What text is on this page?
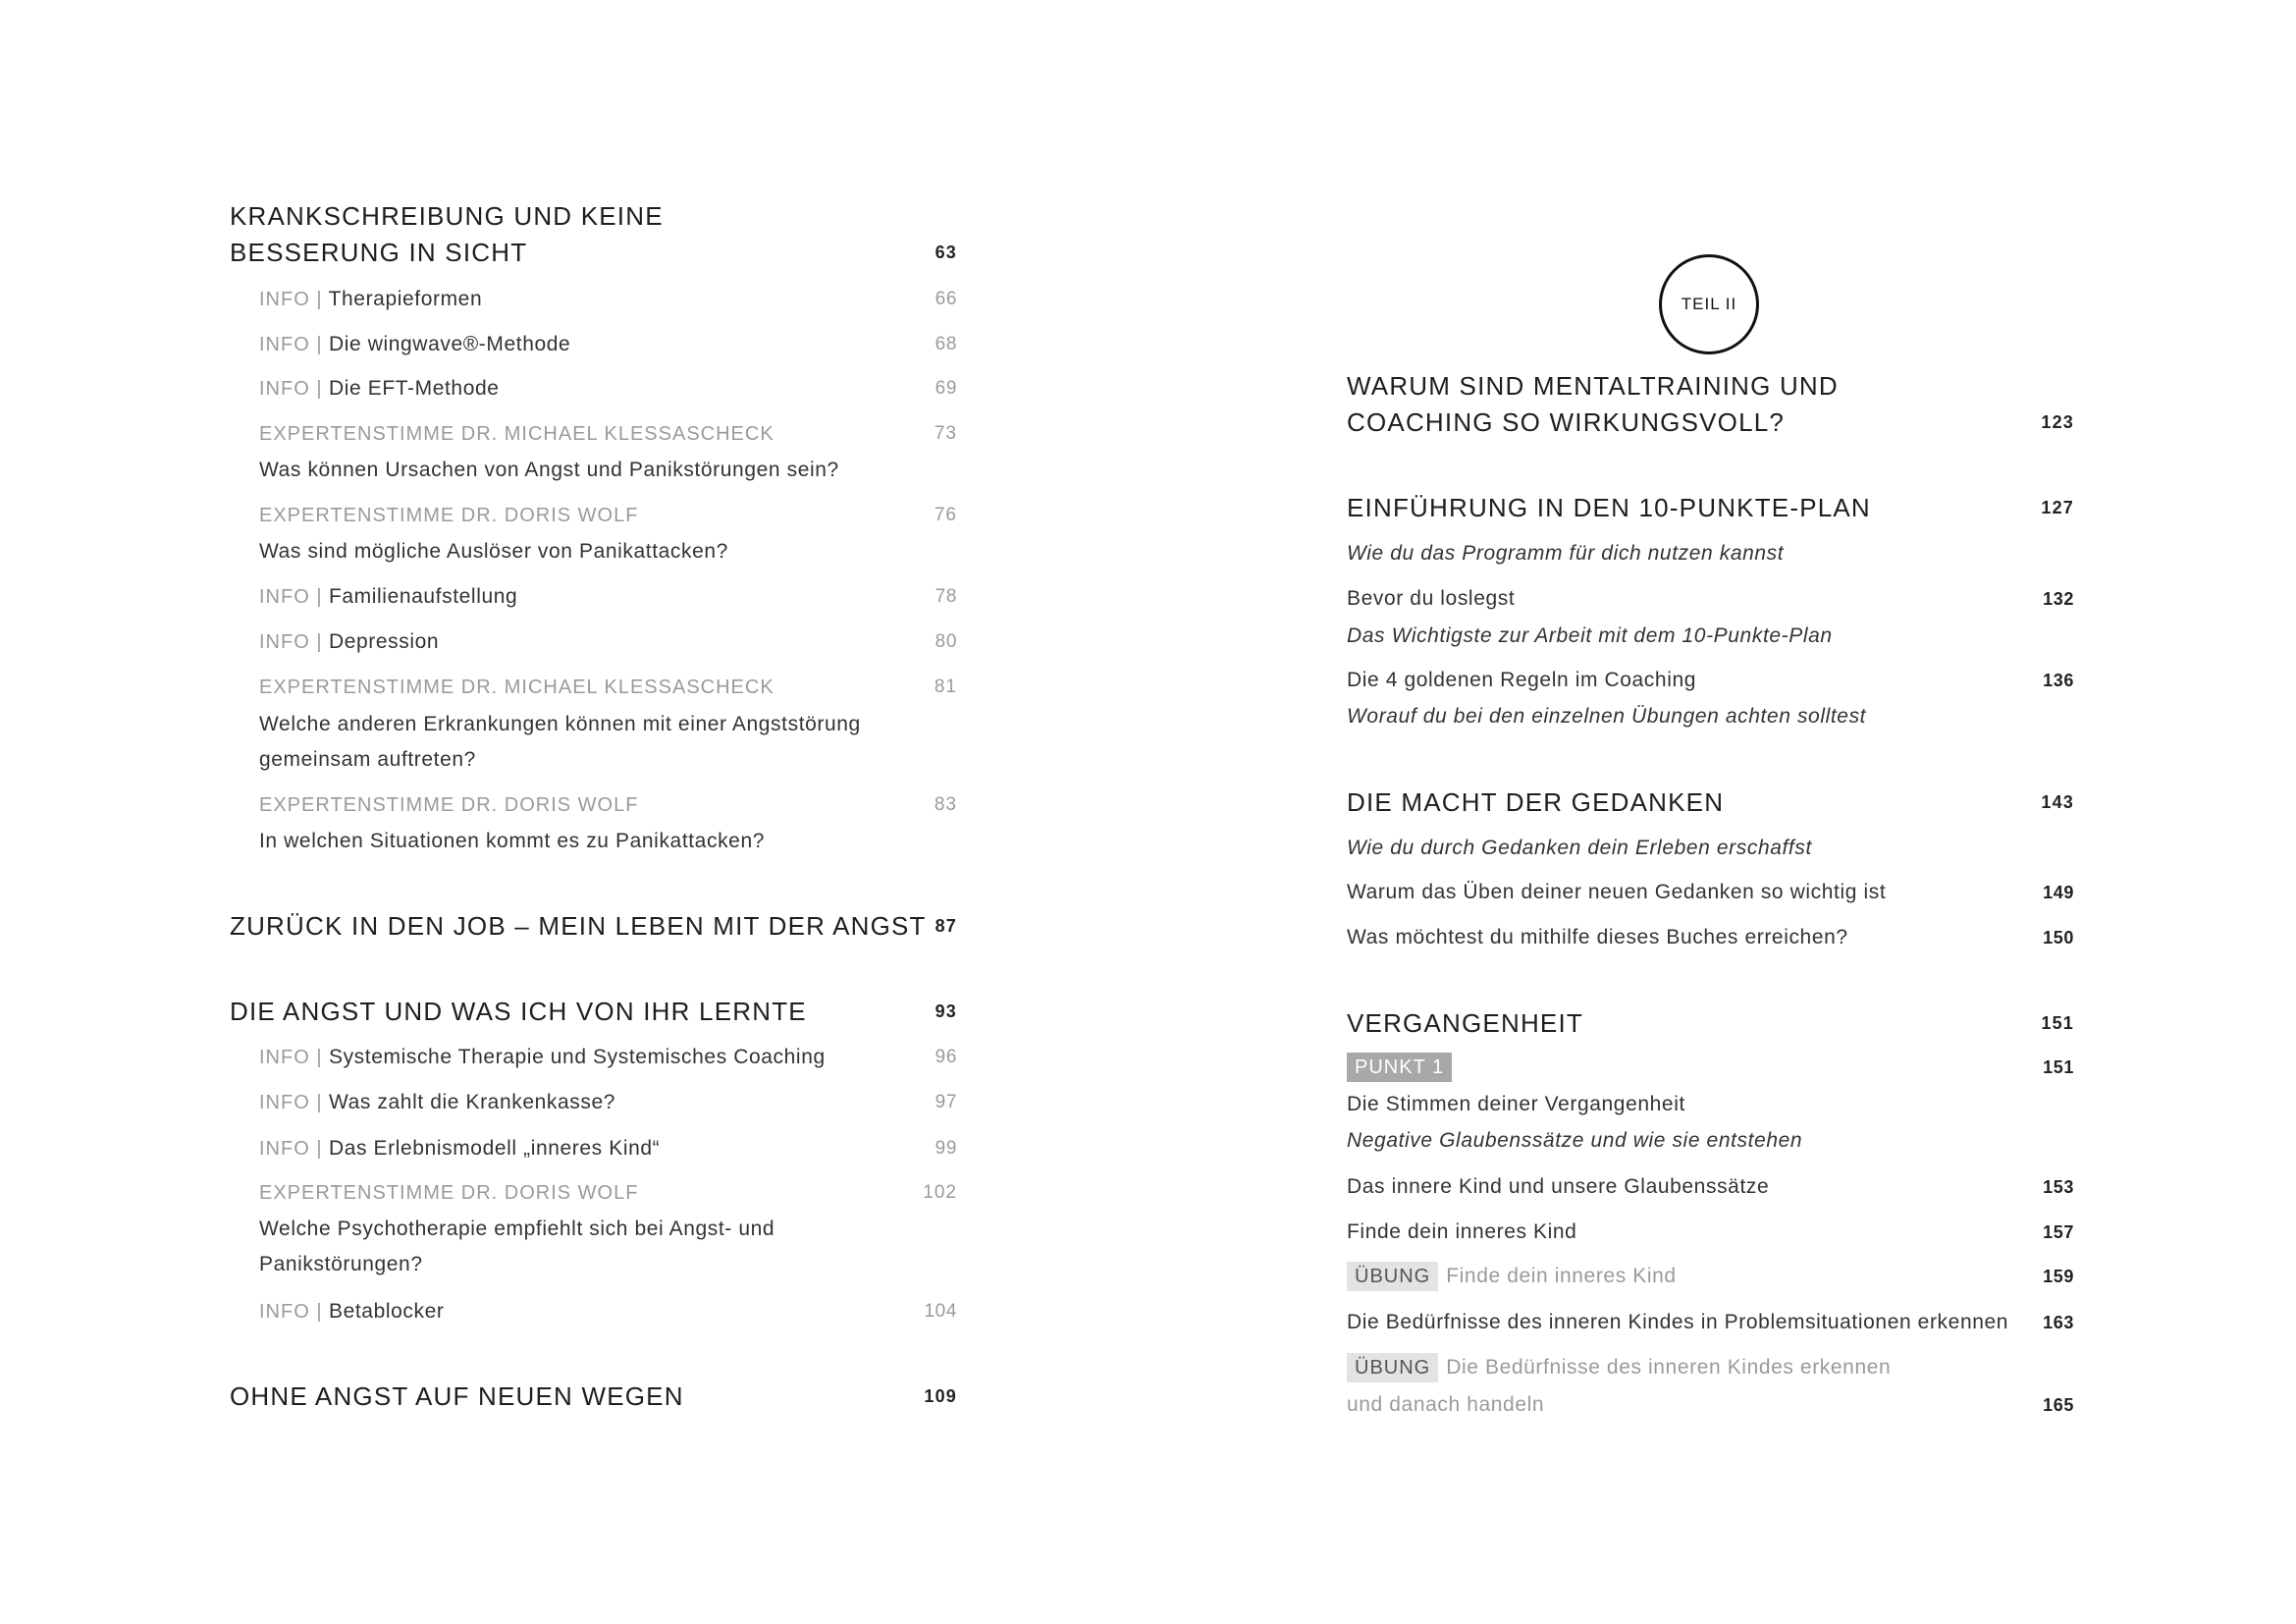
KRANKSCHREIBUNG UND KEINE
BESSERUNG IN SICHT	63
INFO | Therapieformen	66
INFO | Die wingwave®-Methode	68
INFO | Die EFT-Methode	69
EXPERTENSTIMME DR. MICHAEL KLESSASCHECK	73
Was können Ursachen von Angst und Panikstörungen sein?
EXPERTENSTIMME DR. DORIS WOLF	76
Was sind mögliche Auslöser von Panikattacken?
INFO | Familienaufstellung	78
INFO | Depression	80
EXPERTENSTIMME DR. MICHAEL KLESSASCHECK	81
Welche anderen Erkrankungen können mit einer Angststörung
gemeinsam auftreten?
EXPERTENSTIMME DR. DORIS WOLF	83
In welchen Situationen kommt es zu Panikattacken?
ZURÜCK IN DEN JOB – MEIN LEBEN MIT DER ANGST 87
DIE ANGST UND WAS ICH VON IHR LERNTE	93
INFO | Systemische Therapie und Systemisches Coaching	96
INFO | Was zahlt die Krankenkasse?	97
INFO | Das Erlebnismodell „inneres Kind“	99
EXPERTENSTIMME DR. DORIS WOLF	102
Welche Psychotherapie empfiehlt sich bei Angst- und
Panikstörungen?
INFO | Betablocker	104
OHNE ANGST AUF NEUEN WEGEN	109
TEIL II
WARUM SIND MENTALTRAINING UND
COACHING SO WIRKUNGSVOLL?	123
EINFÜHRUNG IN DEN 10-PUNKTE-PLAN	127
Wie du das Programm für dich nutzen kannst
Bevor du loslegst	132
Das Wichtigste zur Arbeit mit dem 10-Punkte-Plan
Die 4 goldenen Regeln im Coaching	136
Worauf du bei den einzelnen Übungen achten solltest
DIE MACHT DER GEDANKEN	143
Wie du durch Gedanken dein Erleben erschaffst
Warum das Üben deiner neuen Gedanken so wichtig ist	149
Was möchtest du mithilfe dieses Buches erreichen?	150
VERGANGENHEIT	151
PUNKT 1	151
Die Stimmen deiner Vergangenheit
Negative Glaubenssätze und wie sie entstehen
Das innere Kind und unsere Glaubenssätze	153
Finde dein inneres Kind	157
ÜBUNG Finde dein inneres Kind	159
Die Bedürfnisse des inneren Kindes in Problemsituationen erkennen 163
ÜBUNG Die Bedürfnisse des inneren Kindes erkennen
und danach handeln	165
